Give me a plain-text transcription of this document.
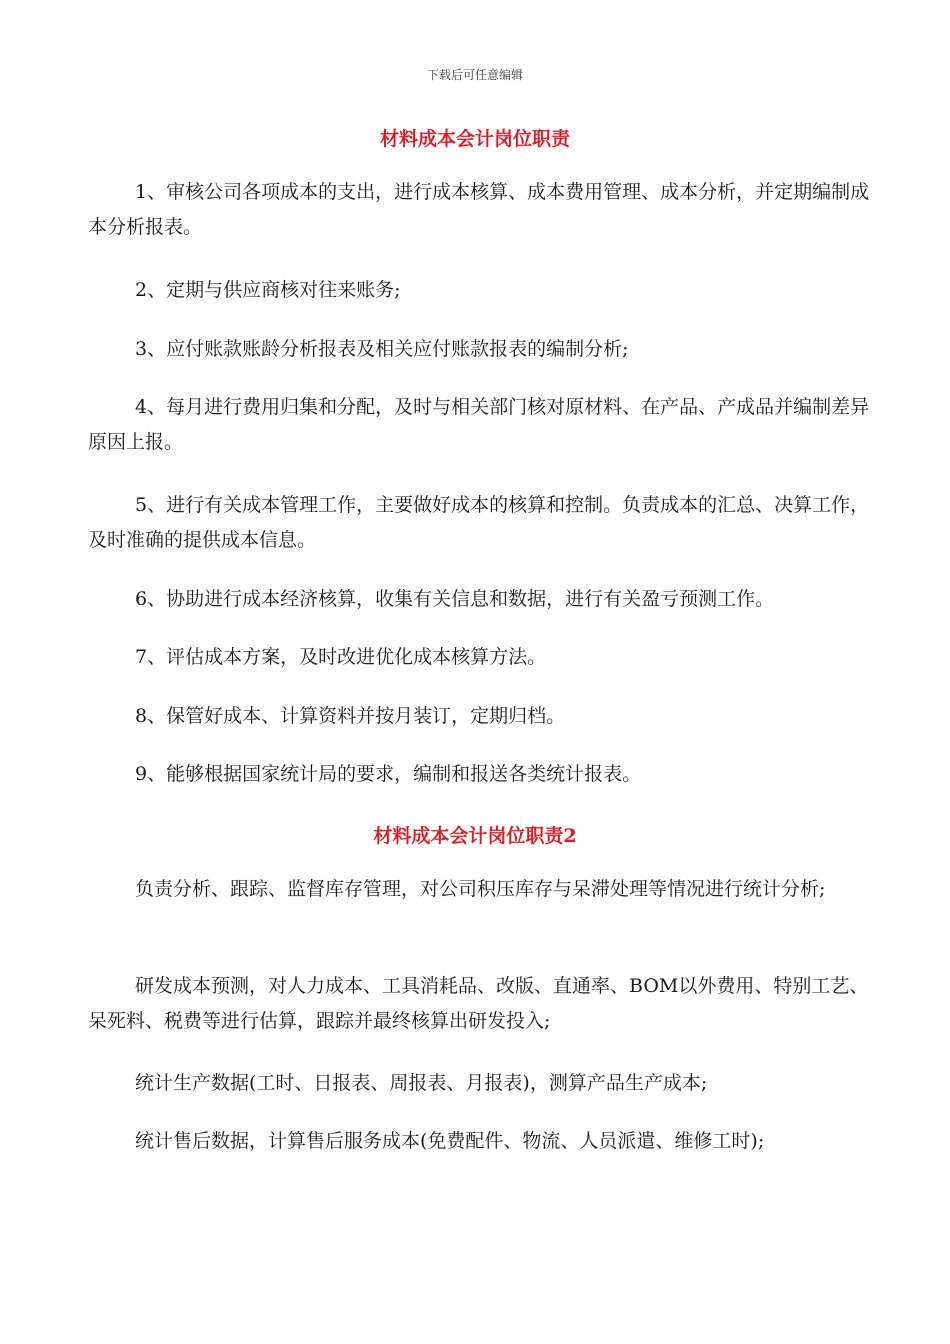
下载后可任意编辑
材料成本会计岗位职责

1、审核公司各项成本的支出，进行成本核算、成本费用管理、成本分析，并定期编制成本分析报表。

2、定期与供应商核对往来账务;

3、应付账款账龄分析报表及相关应付账款报表的编制分析;

4、每月进行费用归集和分配，及时与相关部门核对原材料、在产品、产成品并编制差异原因上报。

5、进行有关成本管理工作，主要做好成本的核算和控制。负责成本的汇总、决算工作，及时准确的提供成本信息。

6、协助进行成本经济核算，收集有关信息和数据，进行有关盈亏预测工作。

7、评估成本方案，及时改进优化成本核算方法。

8、保管好成本、计算资料并按月装订，定期归档。

9、能够根据国家统计局的要求，编制和报送各类统计报表。

材料成本会计岗位职责2

负责分析、跟踪、监督库存管理，对公司积压库存与呆滞处理等情况进行统计分析;

研发成本预测，对人力成本、工具消耗品、改版、直通率、BOM以外费用、特别工艺、呆死料、税费等进行估算，跟踪并最终核算出研发投入;

统计生产数据(工时、日报表、周报表、月报表)，测算产品生产成本;

统计售后数据，计算售后服务成本(免费配件、物流、人员派遣、维修工时);
